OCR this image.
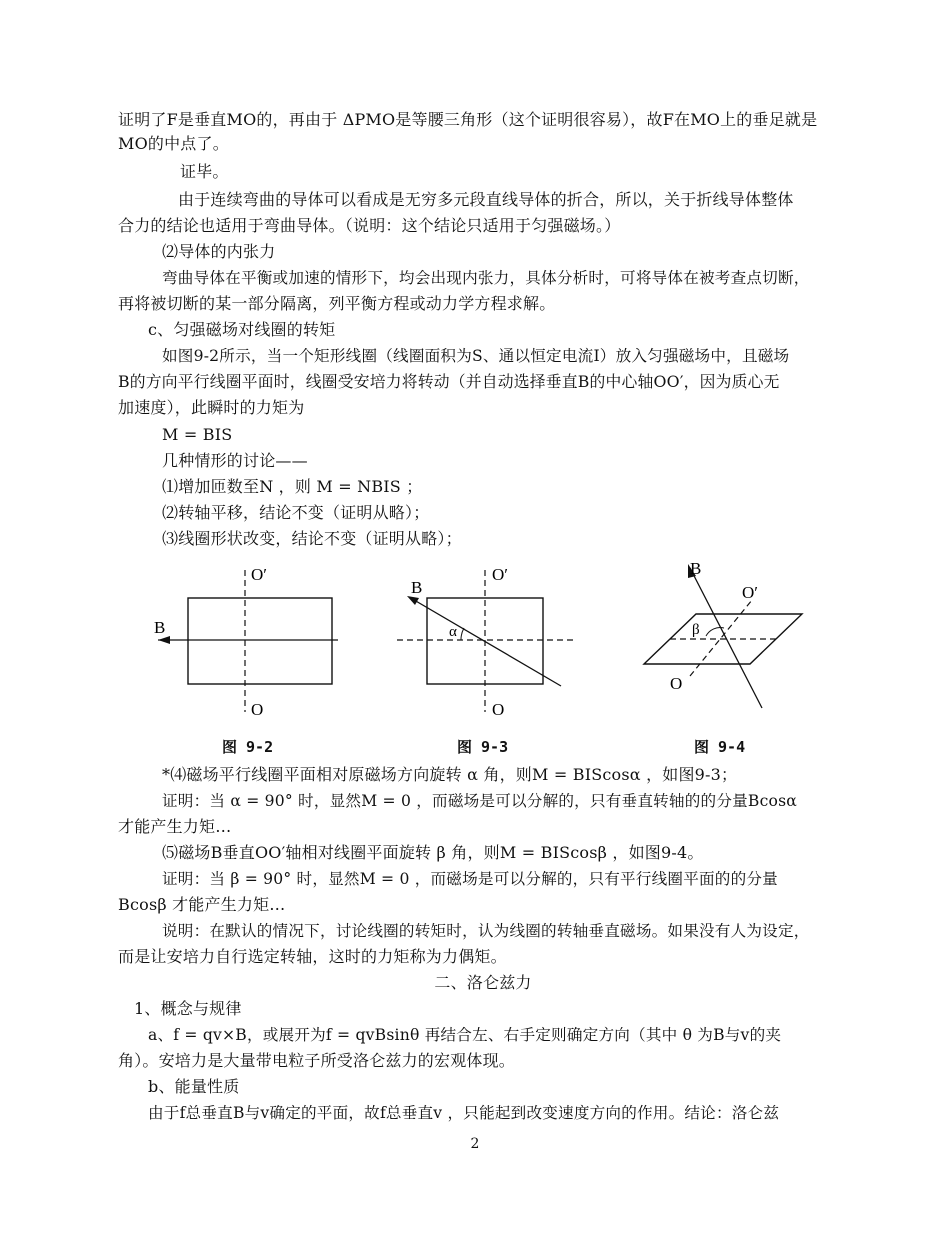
证明了F是垂直MO的，再由于 ΔPMO是等腰三角形（这个证明很容易），故F在MO上的垂足就是
MO的中点了。
证毕。
由于连续弯曲的导体可以看成是无穷多元段直线导体的折合，所以，关于折线导体整体
合力的结论也适用于弯曲导体。（说明：这个结论只适用于匀强磁场。）
⑵导体的内张力
弯曲导体在平衡或加速的情形下，均会出现内张力，具体分析时，可将导体在被考查点切断，
再将被切断的某一部分隔离，列平衡方程或动力学方程求解。
c、匀强磁场对线圈的转矩
如图9-2所示，当一个矩形线圈（线圈面积为S、通以恒定电流I）放入匀强磁场中，且磁场
B的方向平行线圈平面时，线圈受安培力将转动（并自动选择垂直B的中心轴OO′，因为质心无
加速度），此瞬时的力矩为
M = BIS
几种情形的讨论——
⑴增加匝数至N ，则 M = NBIS ；
⑵转轴平移，结论不变（证明从略）；
⑶线圈形状改变，结论不变（证明从略）；
O′
O
B
图 9-2
O′
O
B
α
图 9-3
B
O′
O
β
图 9-4
*⑷磁场平行线圈平面相对原磁场方向旋转 α 角，则M = BIScosα ，如图9-3；
证明：当 α = 90° 时，显然M = 0 ，而磁场是可以分解的，只有垂直转轴的的分量Bcosα
才能产生力矩…
⑸磁场B垂直OO′轴相对线圈平面旋转 β 角，则M = BIScosβ ，如图9-4。
证明：当 β = 90° 时，显然M = 0 ，而磁场是可以分解的，只有平行线圈平面的的分量
Bcosβ 才能产生力矩…
说明：在默认的情况下，讨论线圈的转矩时，认为线圈的转轴垂直磁场。如果没有人为设定，
而是让安培力自行选定转轴，这时的力矩称为力偶矩。
二、洛仑兹力
1、概念与规律
a、f = qv×B，或展开为f = qvBsinθ 再结合左、右手定则确定方向（其中 θ 为B与v的夹
角）。安培力是大量带电粒子所受洛仑兹力的宏观体现。
b、能量性质
由于f总垂直B与v确定的平面，故f总垂直v ，只能起到改变速度方向的作用。结论：洛仑兹
2
